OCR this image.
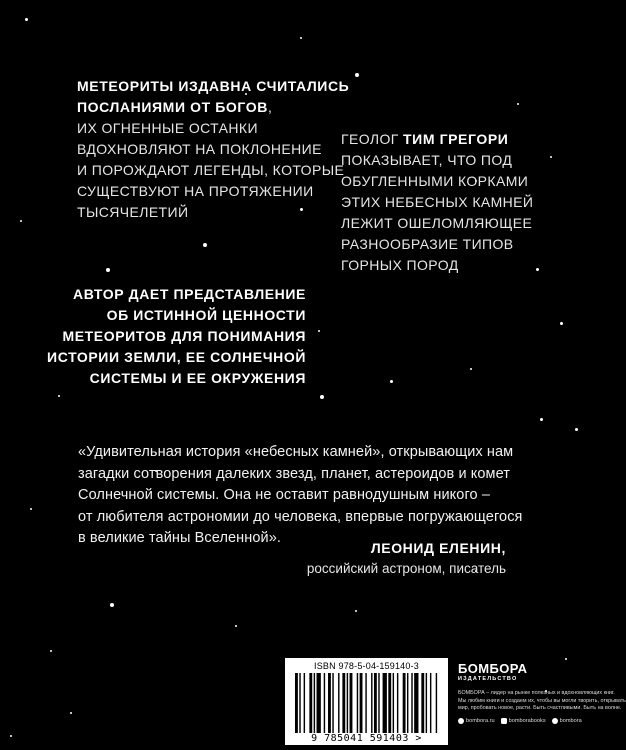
МЕТЕОРИТЫ ИЗДАВНА СЧИТАЛИСЬ
ПОСЛАНИЯМИ ОТ БОГОВ,
ИХ ОГНЕННЫЕ ОСТАНКИ
ВДОХНОВЛЯЮТ НА ПОКЛОНЕНИЕ
И ПОРОЖДАЮТ ЛЕГЕНДЫ, КОТОРЫЕ
СУЩЕСТВУЮТ НА ПРОТЯЖЕНИИ
ТЫСЯЧЕЛЕТИЙ
ГЕОЛОГ ТИМ ГРЕГОРИ
ПОКАЗЫВАЕТ, ЧТО ПОД
ОБУГЛЕННЫМИ КОРКАМИ
ЭТИХ НЕБЕСНЫХ КАМНЕЙ
ЛЕЖИТ ОШЕЛОМЛЯЮЩЕЕ
РАЗНООБРАЗИЕ ТИПОВ
ГОРНЫХ ПОРОД
АВТОР ДАЕТ ПРЕДСТАВЛЕНИЕ
ОБ ИСТИННОЙ ЦЕННОСТИ
МЕТЕОРИТОВ ДЛЯ ПОНИМАНИЯ
ИСТОРИИ ЗЕМЛИ, ЕЕ СОЛНЕЧНОЙ
СИСТЕМЫ И ЕЕ ОКРУЖЕНИЯ
«Удивительная история «небесных камней», открывающих нам
загадки сотворения далеких звезд, планет, астероидов и комет
Солнечной системы. Она не оставит равнодушным никого –
от любителя астрономии до человека, впервые погружающегося
в великие тайны Вселенной».
ЛЕОНИД ЕЛЕНИН,
российский астроном, писатель
ISBN 978-5-04-159140-3
9 785041 591403 >
БОМБОРА
ИЗДАТЕЛЬСТВО
БОМБОРА – лидер на рынке полезных и вдохновляющих книг.
Мы любим книги и создаем их, чтобы вы могли творить, открывать
мир, пробовать новое, расти. Быть счастливыми. Быть на волне.
bombora.ru	bomborabooks	bombora
